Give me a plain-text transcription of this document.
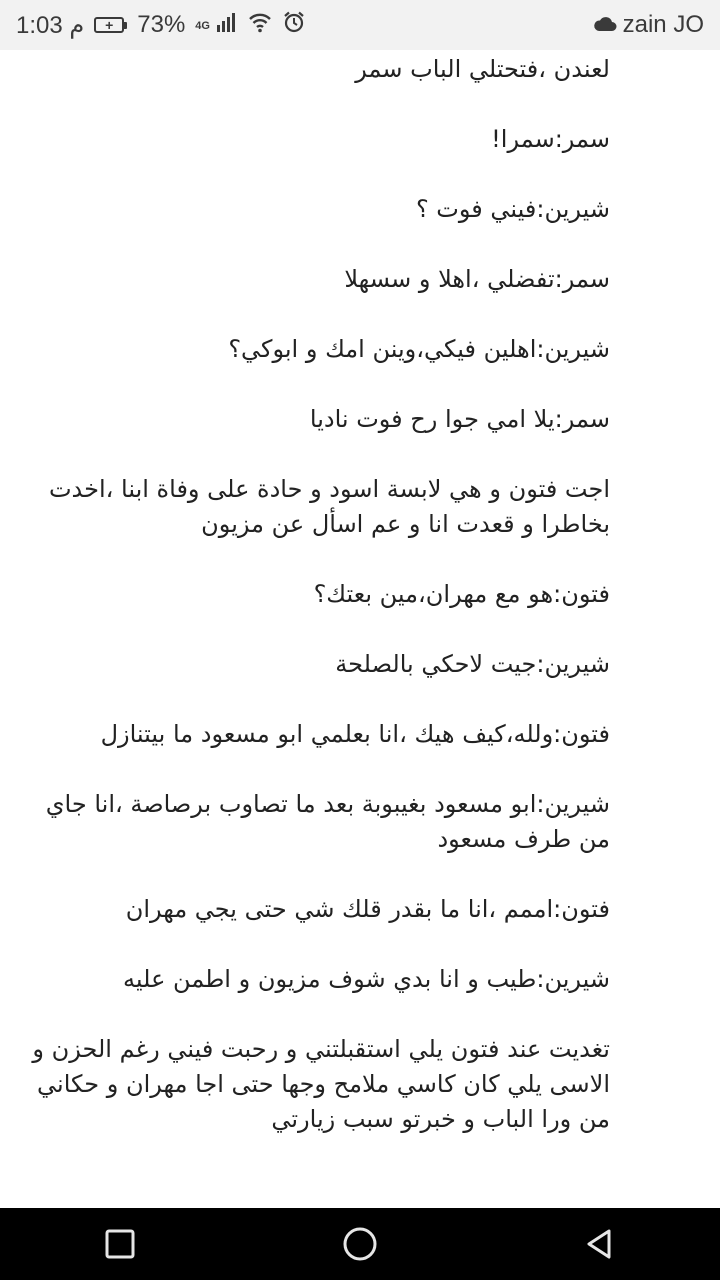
1:03 م	+ 73% 4G	zain JO

لعندن ،فتحتلي الباب سمر

سمر:سمرا!

شيرين:فيني فوت ؟

سمر:تفضلي ،اهلا و سسهلا

شيرين:اهلين فيكي،وينن امك و ابوكي؟

سمر:يلا امي جوا رح فوت ناديا

اجت فتون و هي لابسة اسود و حادة على وفاة ابنا ،اخدت بخاطرا و قعدت انا و عم اسأل عن مزيون

فتون:هو مع مهران،مين بعتك؟

شيرين:جيت لاحكي بالصلحة

فتون:ولله،كيف هيك ،انا بعلمي ابو مسعود ما بيتنازل

شيرين:ابو مسعود بغيبوبة بعد ما تصاوب برصاصة ،انا جاي من طرف مسعود

فتون:اممم ،انا ما بقدر قلك شي حتى يجي مهران

شيرين:طيب و انا بدي شوف مزيون و اطمن عليه

تغديت عند فتون يلي استقبلتني و رحبت فيني رغم الحزن و الاسى يلي كان كاسي ملامح وجها حتى اجا مهران و حكاني من ورا الباب و خبرتو سبب زيارتي
